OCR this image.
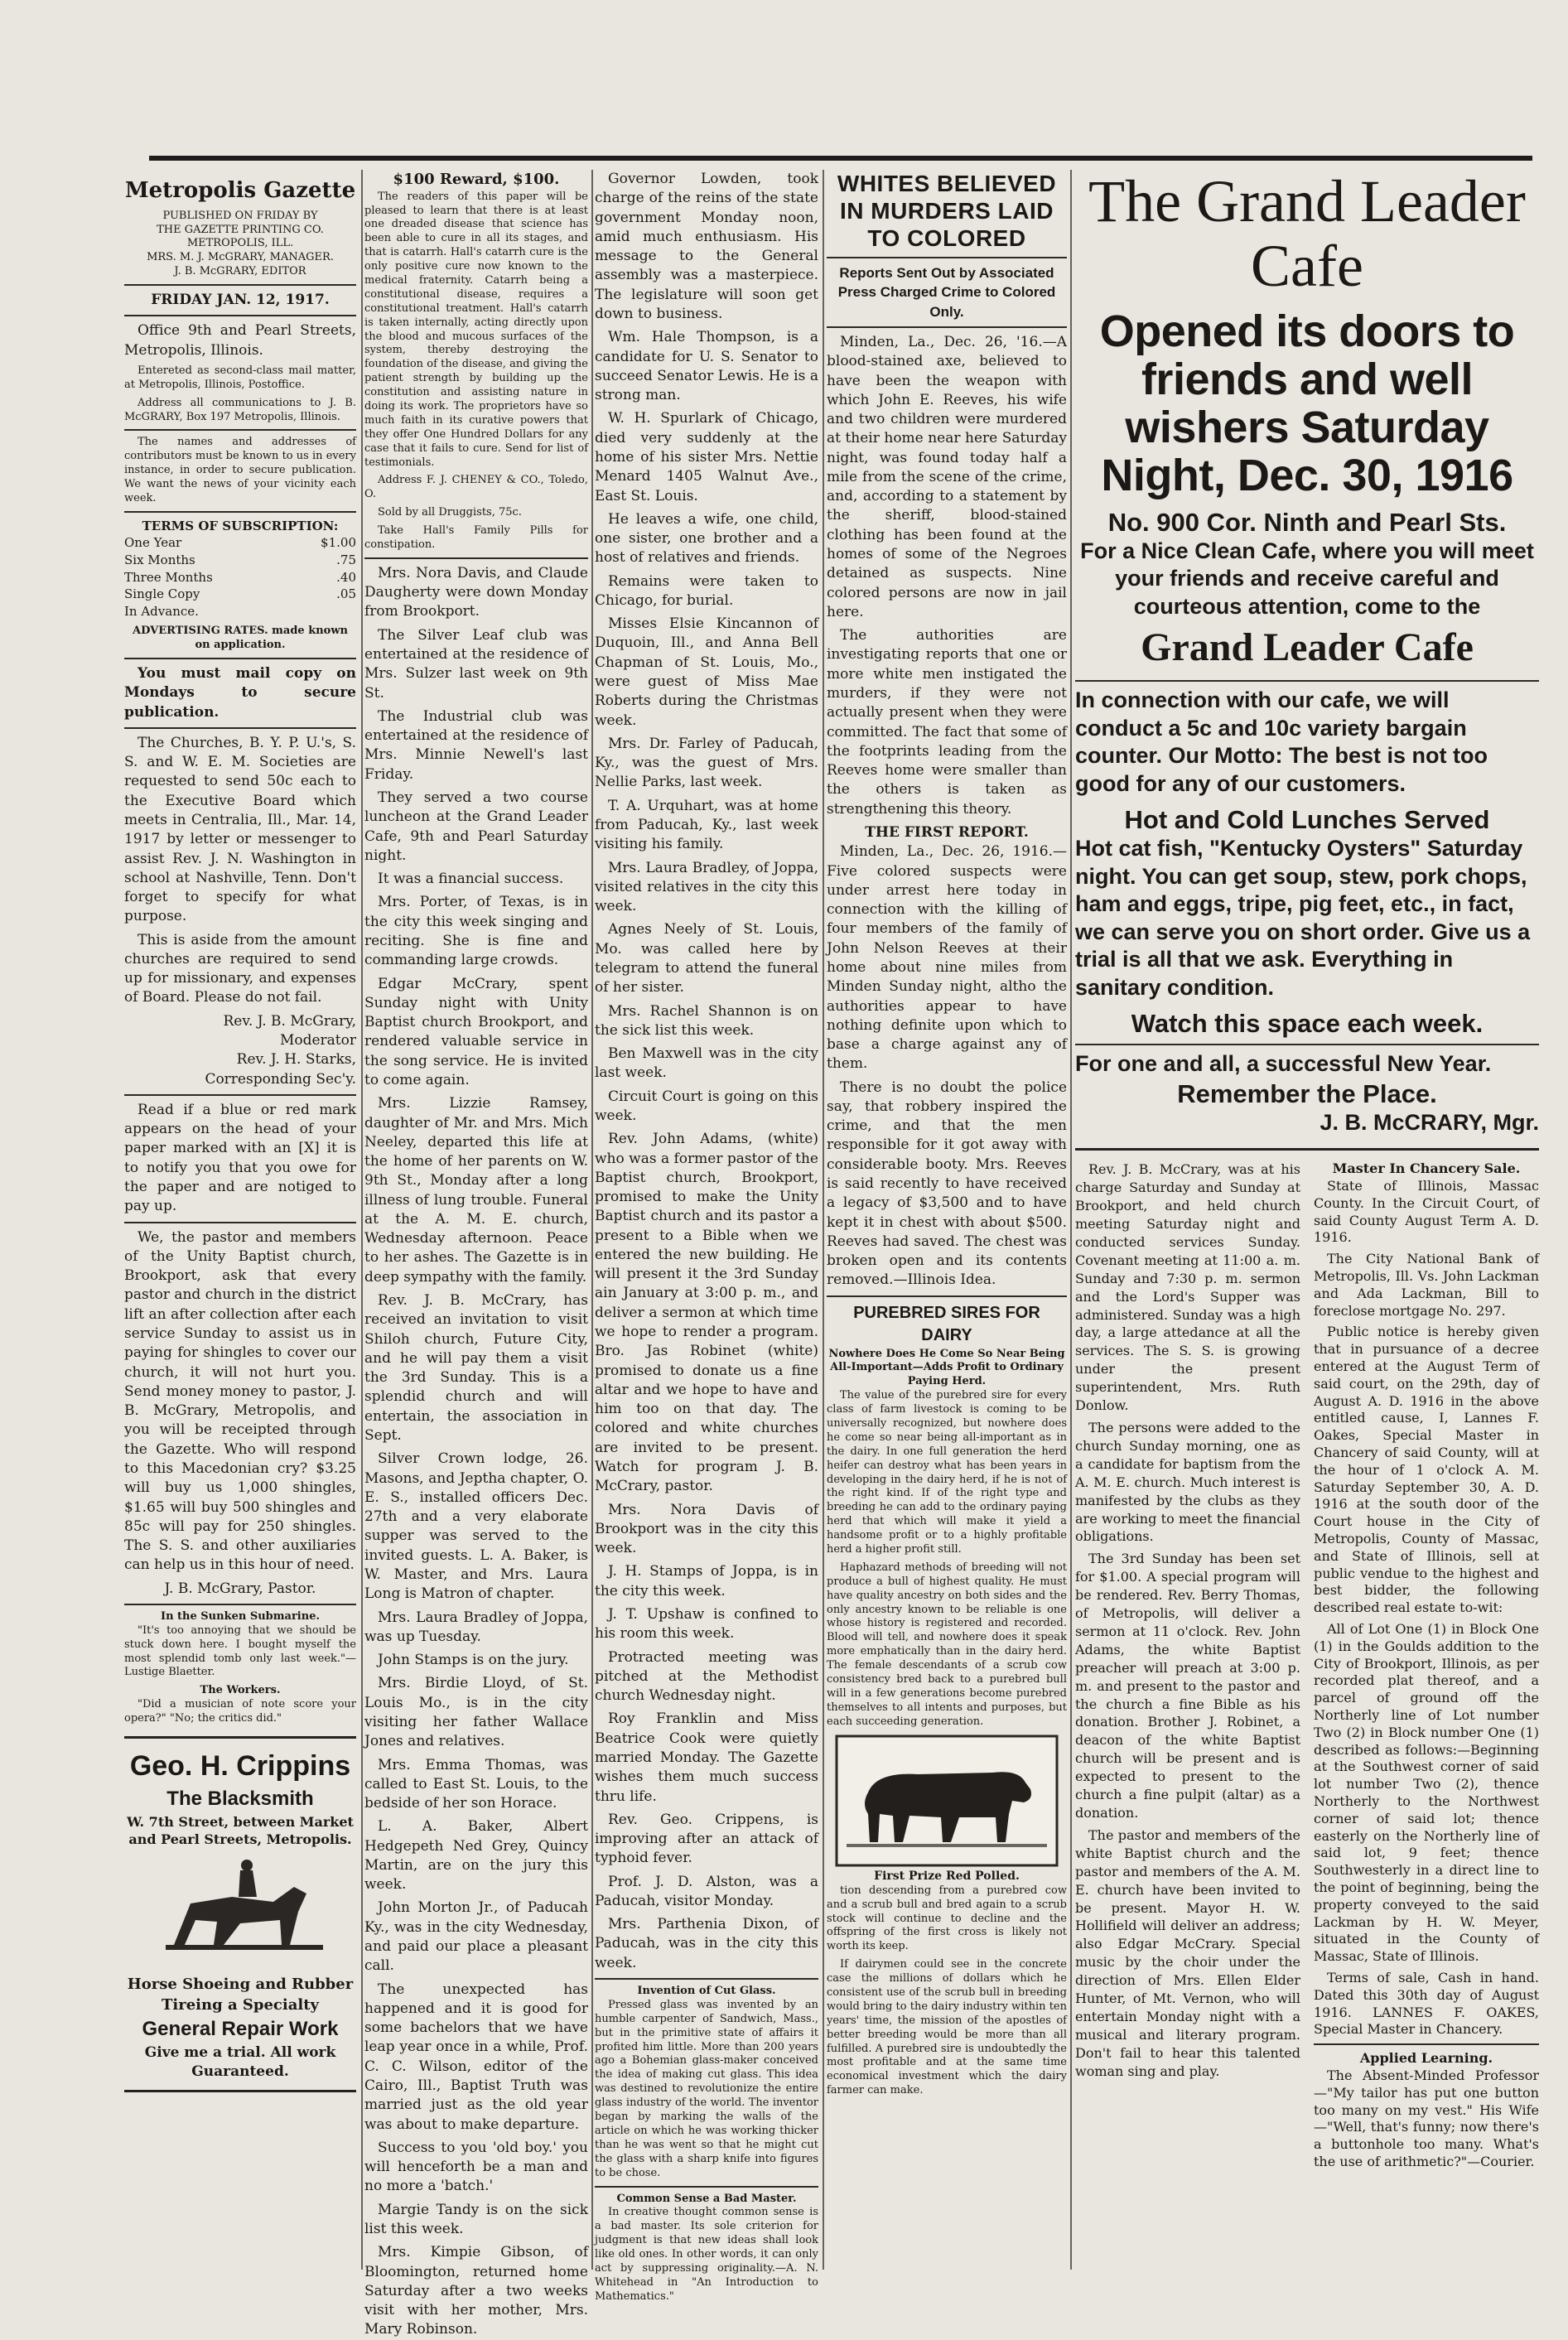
Metropolis Gazette
PUBLISHED ON FRIDAY BY
THE GAZETTE PRINTING CO.
METROPOLIS, ILL.
MRS. M. J. McGRARY, MANAGER.
J. B. McGRARY, EDITOR
FRIDAY JAN. 12, 1917.

Office 9th and Pearl Streets, Metropolis, Illinois.

Entereted as second-class mail matter, at Metropolis, Illinois, Postoffice.

Address all communications to J. B. McGRARY, Box 197 Metropolis, Illinois.

The names and addresses of contributors must be known to us in every instance, in order to secure publication. We want the news of your vicinity each week.

TERMS OF SUBSCRIPTION:
One Year	$1.00
Six Months	.75
Three Months	.40
Single Copy	.05
In Advance.
ADVERTISING RATES. made known on application.

You must mail copy on Mondays to secure publication.

The Churches, B. Y. P. U.'s, S. S. and W. E. M. Societies are requested to send 50c each to the Executive Board which meets in Centralia, Ill., Mar. 14, 1917 by letter or messenger to assist Rev. J. N. Washington in school at Nashville, Tenn. Don't forget to specify for what purpose.

This is aside from the amount churches are required to send up for missionary, and expenses of Board. Please do not fail.

Rev. J. B. McGrary,
Moderator
Rev. J. H. Starks,
Corresponding Sec'y.

Read if a blue or red mark appears on the head of your paper marked with an [X] it is to notify you that you owe for the paper and are notiged to pay up.

We, the pastor and members of the Unity Baptist church, Brookport, ask that every pastor and church in the district lift an after collection after each service Sunday to assist us in paying for shingles to cover our church, it will not hurt you. Send money money to pastor, J. B. McGrary, Metropolis, and you will be receipted through the Gazette. Who will respond to this Macedonian cry? $3.25 will buy us 1,000 shingles, $1.65 will buy 500 shingles and 85c will pay for 250 shingles. The S. S. and other auxiliaries can help us in this hour of need.

J. B. McGrary, Pastor.
In the Sunken Submarine.

"It's too annoying that we should be stuck down here. I bought myself the most splendid tomb only last week."—Lustige Blaetter.

The Workers.

"Did a musician of note score your opera?" "No; the critics did."

Geo. H. Crippins
The Blacksmith
W. 7th Street, between Market and Pearl Streets, Metropolis.
Horse Shoeing and Rubber Tireing a Specialty
General Repair Work
Give me a trial. All work Guaranteed.
$100 Reward, $100.

The readers of this paper will be pleased to learn that there is at least one dreaded disease that science has been able to cure in all its stages, and that is catarrh. Hall's catarrh cure is the only positive cure now known to the medical fraternity. Catarrh being a constitutional disease, requires a constitutional treatment. Hall's catarrh is taken internally, acting directly upon the blood and mucous surfaces of the system, thereby destroying the foundation of the disease, and giving the patient strength by building up the constitution and assisting nature in doing its work. The proprietors have so much faith in its curative powers that they offer One Hundred Dollars for any case that it fails to cure. Send for list of testimonials.

Address F. J. CHENEY & CO., Toledo, O.

Sold by all Druggists, 75c.

Take Hall's Family Pills for constipation.

Mrs. Nora Davis, and Claude Daugherty were down Monday from Brookport.

The Silver Leaf club was entertained at the residence of Mrs. Sulzer last week on 9th St.

The Industrial club was entertained at the residence of Mrs. Minnie Newell's last Friday.

They served a two course luncheon at the Grand Leader Cafe, 9th and Pearl Saturday night.

It was a financial success.

Mrs. Porter, of Texas, is in the city this week singing and reciting. She is fine and commanding large crowds.

Edgar McCrary, spent Sunday night with Unity Baptist church Brookport, and rendered valuable service in the song service. He is invited to come again.

Mrs. Lizzie Ramsey, daughter of Mr. and Mrs. Mich Neeley, departed this life at the home of her parents on W. 9th St., Monday after a long illness of lung trouble. Funeral at the A. M. E. church, Wednesday afternoon. Peace to her ashes. The Gazette is in deep sympathy with the family.

Rev. J. B. McCrary, has received an invitation to visit Shiloh church, Future City, and he will pay them a visit the 3rd Sunday. This is a splendid church and will entertain, the association in Sept.

Silver Crown lodge, 26. Masons, and Jeptha chapter, O. E. S., installed officers Dec. 27th and a very elaborate supper was served to the invited guests. L. A. Baker, is W. Master, and Mrs. Laura Long is Matron of chapter.

Mrs. Laura Bradley of Joppa, was up Tuesday.

John Stamps is on the jury.

Mrs. Birdie Lloyd, of St. Louis Mo., is in the city visiting her father Wallace Jones and relatives.

Mrs. Emma Thomas, was called to East St. Louis, to the bedside of her son Horace.

L. A. Baker, Albert Hedgepeth Ned Grey, Quincy Martin, are on the jury this week.

John Morton Jr., of Paducah Ky., was in the city Wednesday, and paid our place a pleasant call.

The unexpected has happened and it is good for some bachelors that we have leap year once in a while, Prof. C. C. Wilson, editor of the Cairo, Ill., Baptist Truth was married just as the old year was about to make departure.

Success to you 'old boy.' you will henceforth be a man and no more a 'batch.'

Margie Tandy is on the sick list this week.

Mrs. Kimpie Gibson, of Bloomington, returned home Saturday after a two weeks visit with her mother, Mrs. Mary Robinson.

Governor Lowden, took charge of the reins of the state government Monday noon, amid much enthusiasm. His message to the General assembly was a masterpiece. The legislature will soon get down to business.

Wm. Hale Thompson, is a candidate for U. S. Senator to succeed Senator Lewis. He is a strong man.

W. H. Spurlark of Chicago, died very suddenly at the home of his sister Mrs. Nettie Menard 1405 Walnut Ave., East St. Louis.

He leaves a wife, one child, one sister, one brother and a host of relatives and friends.

Remains were taken to Chicago, for burial.

Misses Elsie Kincannon of Duquoin, Ill., and Anna Bell Chapman of St. Louis, Mo., were guest of Miss Mae Roberts during the Christmas week.

Mrs. Dr. Farley of Paducah, Ky., was the guest of Mrs. Nellie Parks, last week.

T. A. Urquhart, was at home from Paducah, Ky., last week visiting his family.

Mrs. Laura Bradley, of Joppa, visited relatives in the city this week.

Agnes Neely of St. Louis, Mo. was called here by telegram to attend the funeral of her sister.

Mrs. Rachel Shannon is on the sick list this week.

Ben Maxwell was in the city last week.

Circuit Court is going on this week.

Rev. John Adams, (white) who was a former pastor of the Baptist church, Brookport, promised to make the Unity Baptist church and its pastor a present to a Bible when we entered the new building. He will present it the 3rd Sunday ain January at 3:00 p. m., and deliver a sermon at which time we hope to render a program. Bro. Jas Robinet (white) promised to donate us a fine altar and we hope to have and him too on that day. The colored and white churches are invited to be present. Watch for program J. B. McCrary, pastor.

Mrs. Nora Davis of Brookport was in the city this week.

J. H. Stamps of Joppa, is in the city this week.

J. T. Upshaw is confined to his room this week.

Protracted meeting was pitched at the Methodist church Wednesday night.

Roy Franklin and Miss Beatrice Cook were quietly married Monday. The Gazette wishes them much success thru life.

Rev. Geo. Crippens, is improving after an attack of typhoid fever.

Prof. J. D. Alston, was a Paducah, visitor Monday.

Mrs. Parthenia Dixon, of Paducah, was in the city this week.

Invention of Cut Glass.

Pressed glass was invented by an humble carpenter of Sandwich, Mass., but in the primitive state of affairs it profited him little. More than 200 years ago a Bohemian glass-maker conceived the idea of making cut glass. This idea was destined to revolutionize the entire glass industry of the world. The inventor began by marking the walls of the article on which he was working thicker than he was went so that he might cut the glass with a sharp knife into figures to be chose.

Common Sense a Bad Master.

In creative thought common sense is a bad master. Its sole criterion for judgment is that new ideas shall look like old ones. In other words, it can only act by suppressing originality.—A. N. Whitehead in "An Introduction to Mathematics."

WHITES BELIEVED IN MURDERS LAID TO COLORED
Reports Sent Out by Associated Press Charged Crime to Colored Only.

Minden, La., Dec. 26, '16.—A blood-stained axe, believed to have been the weapon with which John E. Reeves, his wife and two children were murdered at their home near here Saturday night, was found today half a mile from the scene of the crime, and, according to a statement by the sheriff, blood-stained clothing has been found at the homes of some of the Negroes detained as suspects. Nine colored persons are now in jail here.

The authorities are investigating reports that one or more white men instigated the murders, if they were not actually present when they were committed. The fact that some of the footprints leading from the Reeves home were smaller than the others is taken as strengthening this theory.

THE FIRST REPORT.

Minden, La., Dec. 26, 1916.—Five colored suspects were under arrest here today in connection with the killing of four members of the family of John Nelson Reeves at their home about nine miles from Minden Sunday night, altho the authorities appear to have nothing definite upon which to base a charge against any of them.

There is no doubt the police say, that robbery inspired the crime, and that the men responsible for it got away with considerable booty. Mrs. Reeves is said recently to have received a legacy of $3,500 and to have kept it in chest with about $500. Reeves had saved. The chest was broken open and its contents removed.—Illinois Idea.

PUREBRED SIRES FOR DAIRY
Nowhere Does He Come So Near Being All-Important—Adds Profit to Ordinary Paying Herd.

The value of the purebred sire for every class of farm livestock is coming to be universally recognized, but nowhere does he come so near being all-important as in the dairy. In one full generation the herd heifer can destroy what has been years in developing in the dairy herd, if he is not of the right kind. If of the right type and breeding he can add to the ordinary paying herd that which will make it yield a handsome profit or to a highly profitable herd a higher profit still.

Haphazard methods of breeding will not produce a bull of highest quality. He must have quality ancestry on both sides and the only ancestry known to be reliable is one whose history is registered and recorded. Blood will tell, and nowhere does it speak more emphatically than in the dairy herd. The female descendants of a scrub cow consistency bred back to a purebred bull will in a few generations become purebred themselves to all intents and purposes, but each succeeding generation.

First Prize Red Polled.

tion descending from a purebred cow and a scrub bull and bred again to a scrub stock will continue to decline and the offspring of the first cross is likely not worth its keep.

If dairymen could see in the concrete case the millions of dollars which he consistent use of the scrub bull in breeding would bring to the dairy industry within ten years' time, the mission of the apostles of better breeding would be more than all fulfilled. A purebred sire is undoubtedly the most profitable and at the same time economical investment which the dairy farmer can make.

The Grand Leader
Cafe
Opened its doors to friends and well wishers Saturday Night, Dec. 30, 1916
No. 900 Cor. Ninth and Pearl Sts.
For a Nice Clean Cafe, where you will meet your friends and receive careful and courteous attention, come to the
Grand Leader Cafe
In connection with our cafe, we will conduct a 5c and 10c variety bargain counter. Our Motto: The best is not too good for any of our customers.
Hot and Cold Lunches Served
Hot cat fish, "Kentucky Oysters" Saturday night. You can get soup, stew, pork chops, ham and eggs, tripe, pig feet, etc., in fact, we can serve you on short order. Give us a trial is all that we ask. Everything in sanitary condition.
Watch this space each week.
For one and all, a successful New Year.
Remember the Place.
J. B. McCRARY, Mgr.

Rev. J. B. McCrary, was at his charge Saturday and Sunday at Brookport, and held church meeting Saturday night and conducted services Sunday. Covenant meeting at 11:00 a. m. Sunday and 7:30 p. m. sermon and the Lord's Supper was administered. Sunday was a high day, a large attedance at all the services. The S. S. is growing under the present superintendent, Mrs. Ruth Donlow.

The persons were added to the church Sunday morning, one as a candidate for baptism from the A. M. E. church. Much interest is manifested by the clubs as they are working to meet the financial obligations.

The 3rd Sunday has been set for $1.00. A special program will be rendered. Rev. Berry Thomas, of Metropolis, will deliver a sermon at 11 o'clock. Rev. John Adams, the white Baptist preacher will preach at 3:00 p. m. and present to the pastor and the church a fine Bible as his donation. Brother J. Robinet, a deacon of the white Baptist church will be present and is expected to present to the church a fine pulpit (altar) as a donation.

The pastor and members of the white Baptist church and the pastor and members of the A. M. E. church have been invited to be present. Mayor H. W. Hollifield will deliver an address; also Edgar McCrary. Special music by the choir under the direction of Mrs. Ellen Elder Hunter, of Mt. Vernon, who will entertain Monday night with a musical and literary program. Don't fail to hear this talented woman sing and play.

Master In Chancery Sale.

State of Illinois, Massac County. In the Circuit Court, of said County August Term A. D. 1916.

The City National Bank of Metropolis, Ill. Vs. John Lackman and Ada Lackman, Bill to foreclose mortgage No. 297.

Public notice is hereby given that in pursuance of a decree entered at the August Term of said court, on the 29th, day of August A. D. 1916 in the above entitled cause, I, Lannes F. Oakes, Special Master in Chancery of said County, will at the hour of 1 o'clock A. M. Saturday September 30, A. D. 1916 at the south door of the Court house in the City of Metropolis, County of Massac, and State of Illinois, sell at public vendue to the highest and best bidder, the following described real estate to-wit:

All of Lot One (1) in Block One (1) in the Goulds addition to the City of Brookport, Illinois, as per recorded plat thereof, and a parcel of ground off the Northerly line of Lot number Two (2) in Block number One (1) described as follows:—Beginning at the Southwest corner of said lot number Two (2), thence Northerly to the Northwest corner of said lot; thence easterly on the Northerly line of said lot, 9 feet; thence Southwesterly in a direct line to the point of beginning, being the property conveyed to the said Lackman by H. W. Meyer, situated in the County of Massac, State of Illinois.

Terms of sale, Cash in hand. Dated this 30th day of August 1916. LANNES F. OAKES, Special Master in Chancery.

Applied Learning.

The Absent-Minded Professor—"My tailor has put one button too many on my vest." His Wife—"Well, that's funny; now there's a buttonhole too many. What's the use of arithmetic?"—Courier.
